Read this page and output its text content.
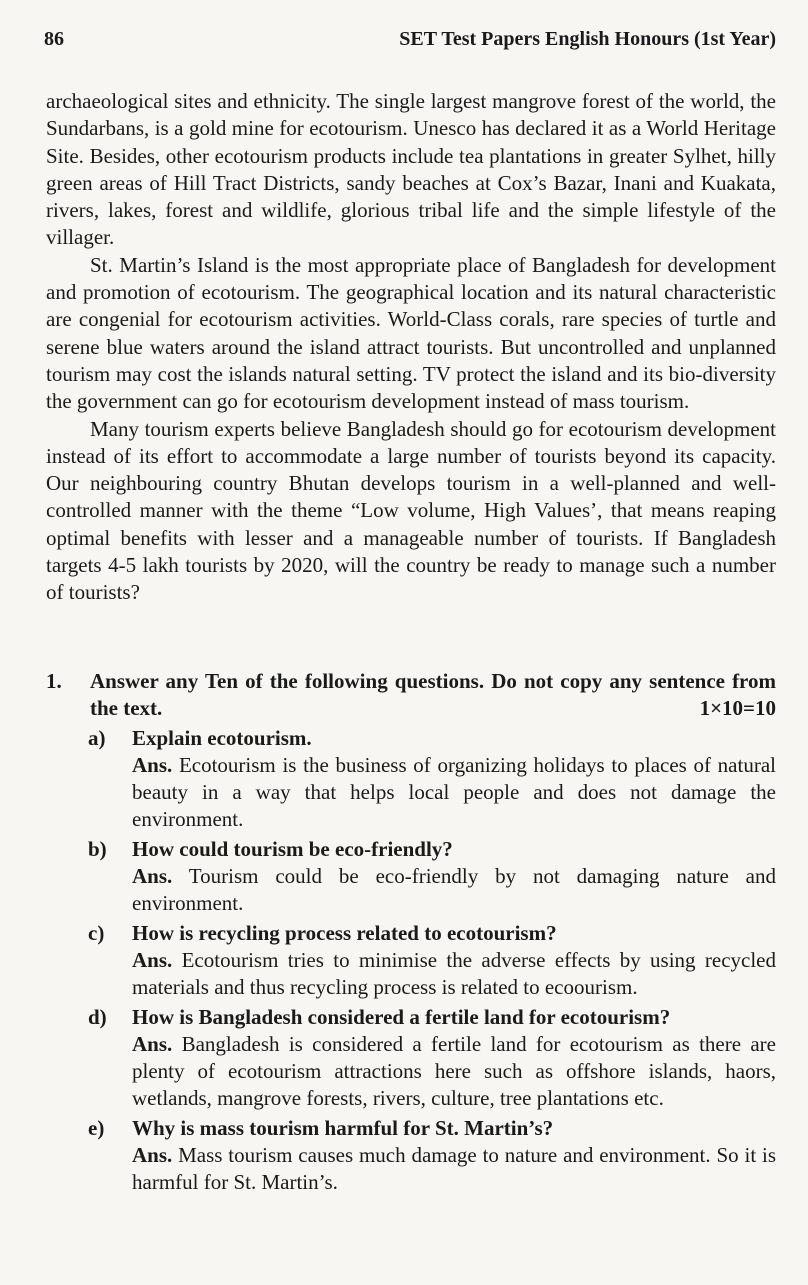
86	SET Test Papers English Honours (1st Year)

archaeological sites and ethnicity. The single largest mangrove forest of the world, the Sundarbans, is a gold mine for ecotourism. Unesco has declared it as a World Heritage Site. Besides, other ecotourism products include tea plantations in greater Sylhet, hilly green areas of Hill Tract Districts, sandy beaches at Cox’s Bazar, Inani and Kuakata, rivers, lakes, forest and wildlife, glorious tribal life and the simple lifestyle of the villager.

St. Martin’s Island is the most appropriate place of Bangladesh for development and promotion of ecotourism. The geographical location and its natural characteristic are congenial for ecotourism activities. World-Class corals, rare species of turtle and serene blue waters around the island attract tourists. But uncontrolled and unplanned tourism may cost the islands natural setting. TV protect the island and its bio-diversity the government can go for ecotourism development instead of mass tourism.

Many tourism experts believe Bangladesh should go for ecotourism development instead of its effort to accommodate a large number of tourists beyond its capacity. Our neighbouring country Bhutan develops tourism in a well-planned and well-controlled manner with the theme “Low volume, High Values’, that means reaping optimal benefits with lesser and a manageable number of tourists. If Bangladesh targets 4-5 lakh tourists by 2020, will the country be ready to manage such a number of tourists?

1.	Answer any Ten of the following questions. Do not copy any sentence from the text.	1×10=10
a)	Explain ecotourism.
Ans. Ecotourism is the business of organizing holidays to places of natural beauty in a way that helps local people and does not damage the environment.
b)	How could tourism be eco-friendly?
Ans. Tourism could be eco-friendly by not damaging nature and environment.
c)	How is recycling process related to ecotourism?
Ans. Ecotourism tries to minimise the adverse effects by using recycled materials and thus recycling process is related to ecoourism.
d)	How is Bangladesh considered a fertile land for ecotourism?
Ans. Bangladesh is considered a fertile land for ecotourism as there are plenty of ecotourism attractions here such as offshore islands, haors, wetlands, mangrove forests, rivers, culture, tree plantations etc.
e)	Why is mass tourism harmful for St. Martin’s?
Ans. Mass tourism causes much damage to nature and environment. So it is harmful for St. Martin’s.
